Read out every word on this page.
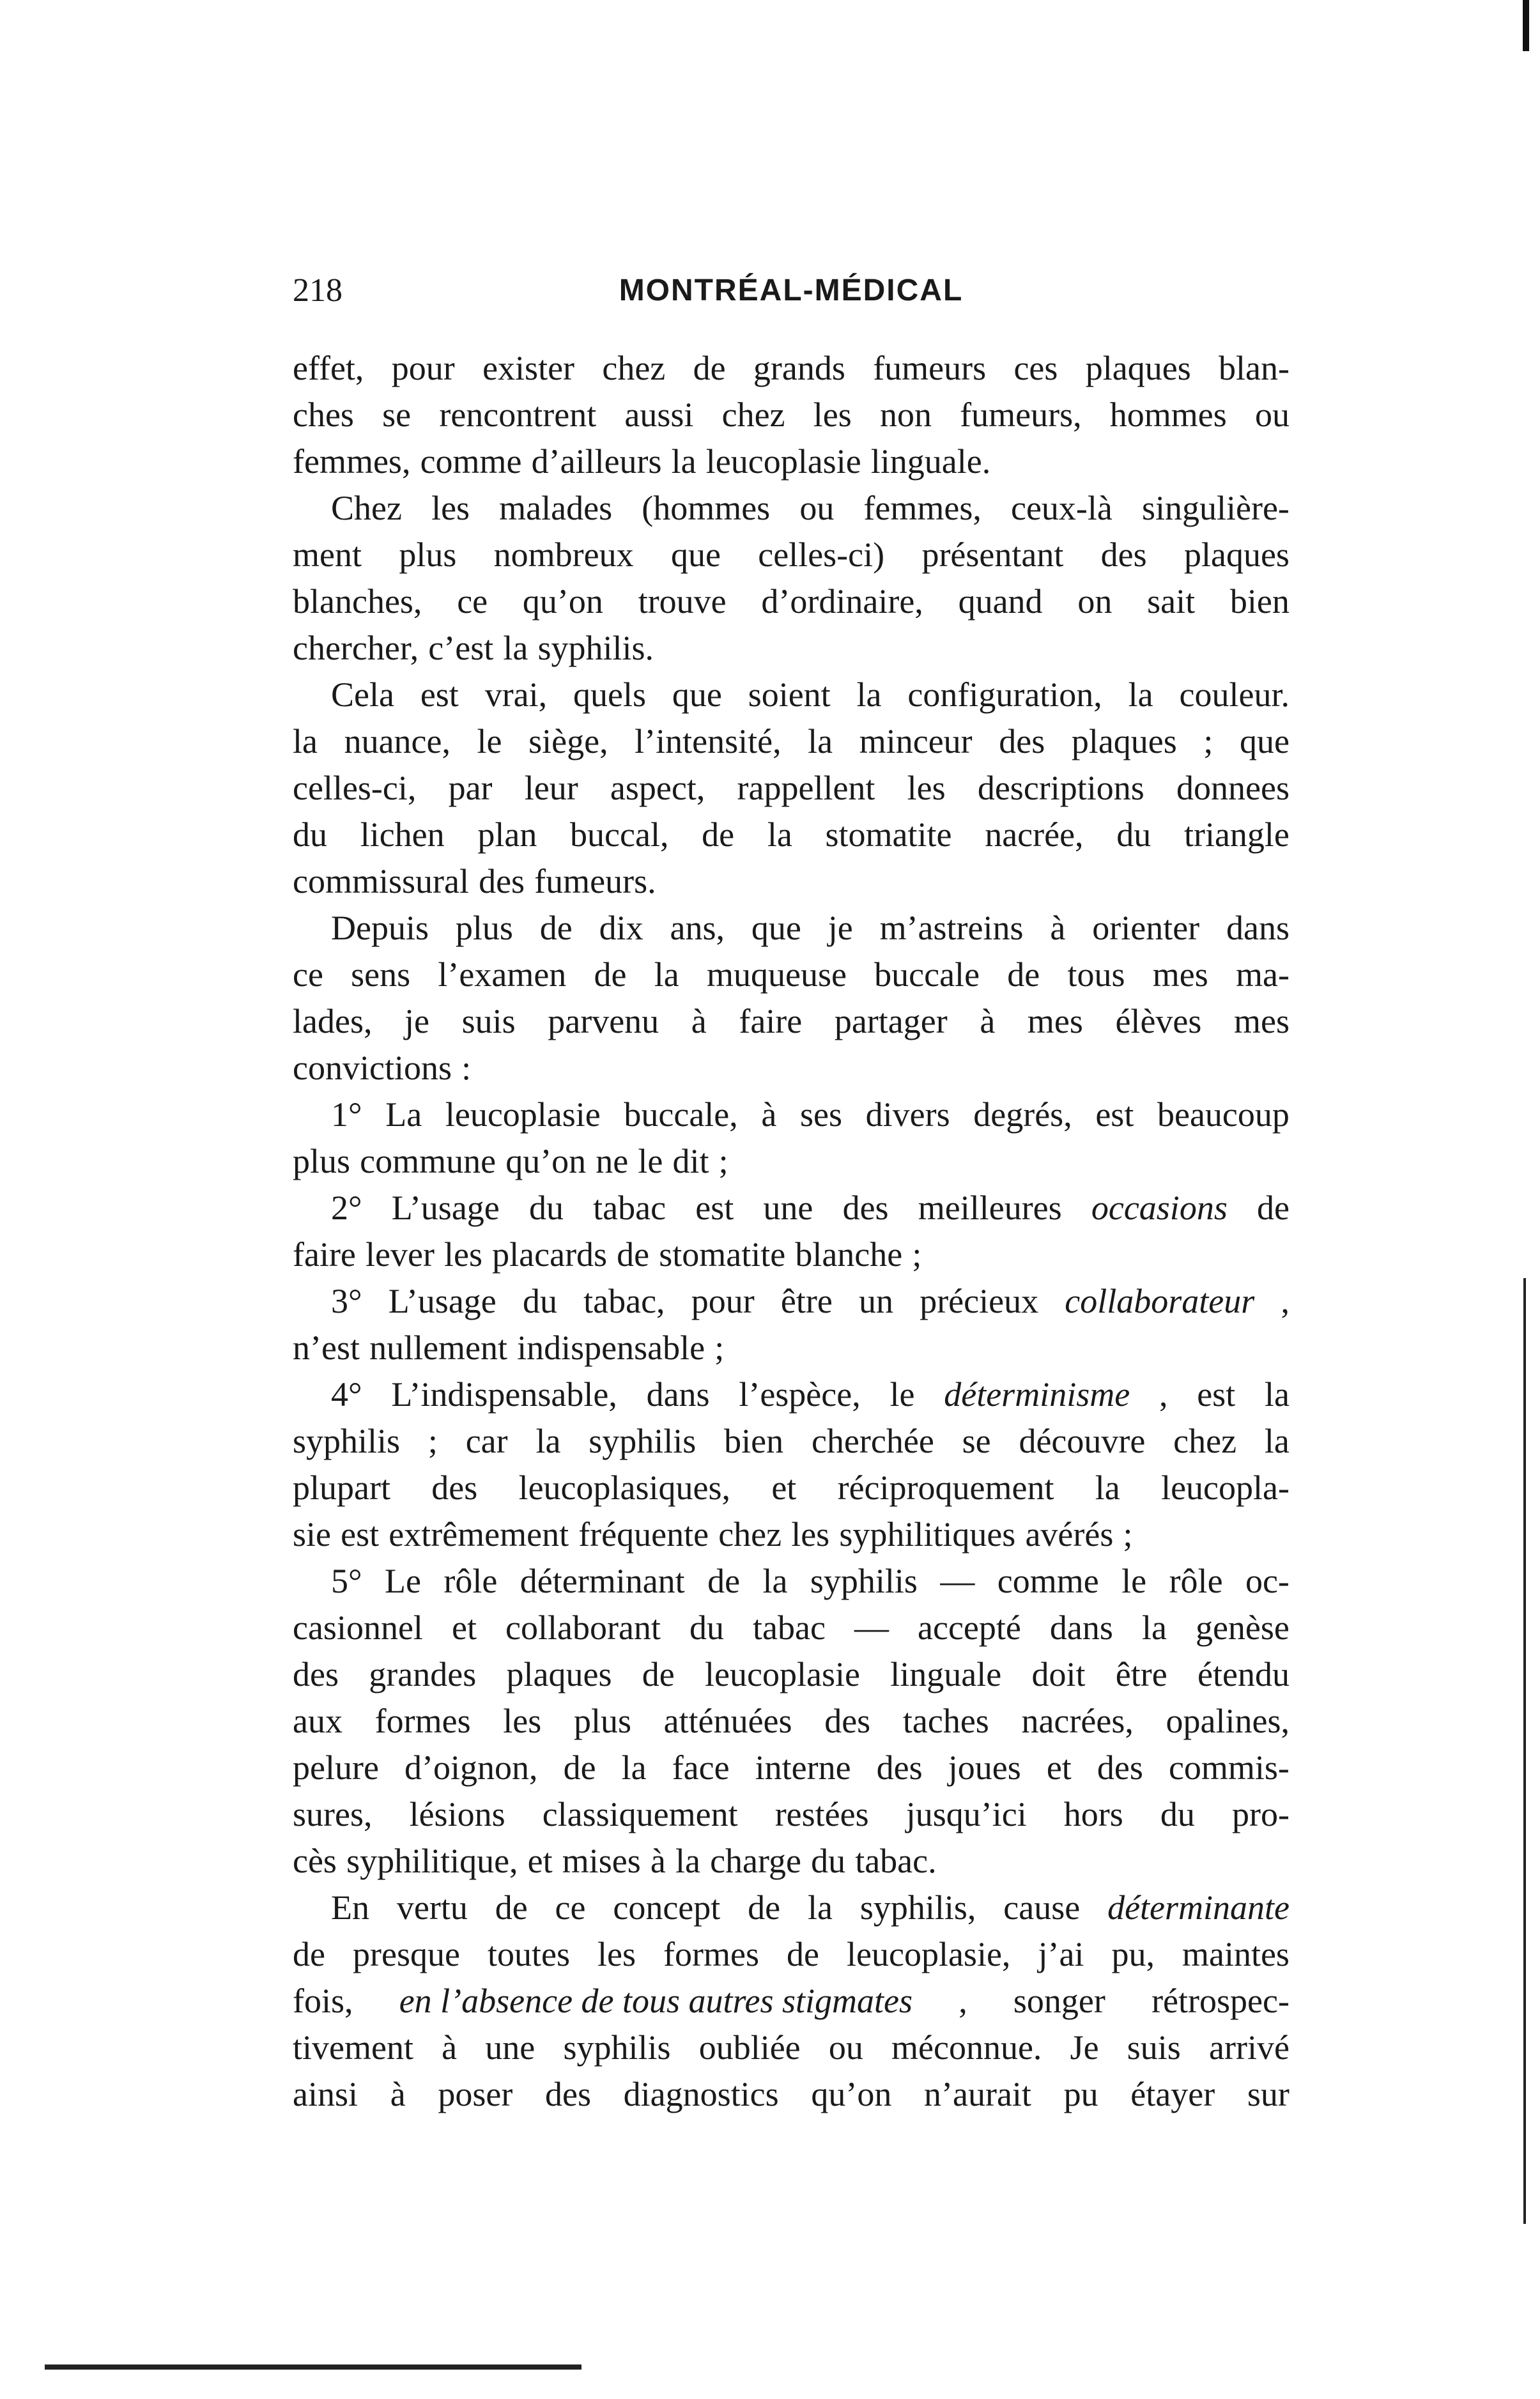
218	MONTRÉAL-MÉDICAL
effet, pour exister chez de grands fumeurs ces plaques blan-
ches se rencontrent aussi chez les non fumeurs, hommes ou
femmes, comme d’ailleurs la leucoplasie linguale.
Chez les malades (hommes ou femmes, ceux-là singulière-
ment plus nombreux que celles-ci) présentant des plaques
blanches, ce qu’on trouve d’ordinaire, quand on sait bien
chercher, c’est la syphilis.
Cela est vrai, quels que soient la configuration, la couleur.
la nuance, le siège, l’intensité, la minceur des plaques ; que
celles-ci, par leur aspect, rappellent les descriptions donnees
du lichen plan buccal, de la stomatite nacrée, du triangle
commissural des fumeurs.
Depuis plus de dix ans, que je m’astreins à orienter dans
ce sens l’examen de la muqueuse buccale de tous mes ma-
lades, je suis parvenu à faire partager à mes élèves mes
convictions :
1° La leucoplasie buccale, à ses divers degrés, est beaucoup
plus commune qu’on ne le dit ;
2° L’usage du tabac est une des meilleures occasions de
faire lever les placards de stomatite blanche ;
3° L’usage du tabac, pour être un précieux collaborateur ,
n’est nullement indispensable ;
4° L’indispensable, dans l’espèce, le déterminisme , est la
syphilis ; car la syphilis bien cherchée se découvre chez la
plupart des leucoplasiques, et réciproquement la leucopla-
sie est extrêmement fréquente chez les syphilitiques avérés ;
5° Le rôle déterminant de la syphilis — comme le rôle oc-
casionnel et collaborant du tabac — accepté dans la genèse
des grandes plaques de leucoplasie linguale doit être étendu
aux formes les plus atténuées des taches nacrées, opalines,
pelure d’oignon, de la face interne des joues et des commis-
sures, lésions classiquement restées jusqu’ici hors du pro-
cès syphilitique, et mises à la charge du tabac.
En vertu de ce concept de la syphilis, cause déterminante
de presque toutes les formes de leucoplasie, j’ai pu, maintes
fois, en l’absence de tous autres stigmates , songer rétrospec-
tivement à une syphilis oubliée ou méconnue. Je suis arrivé
ainsi à poser des diagnostics qu’on n’aurait pu étayer sur
